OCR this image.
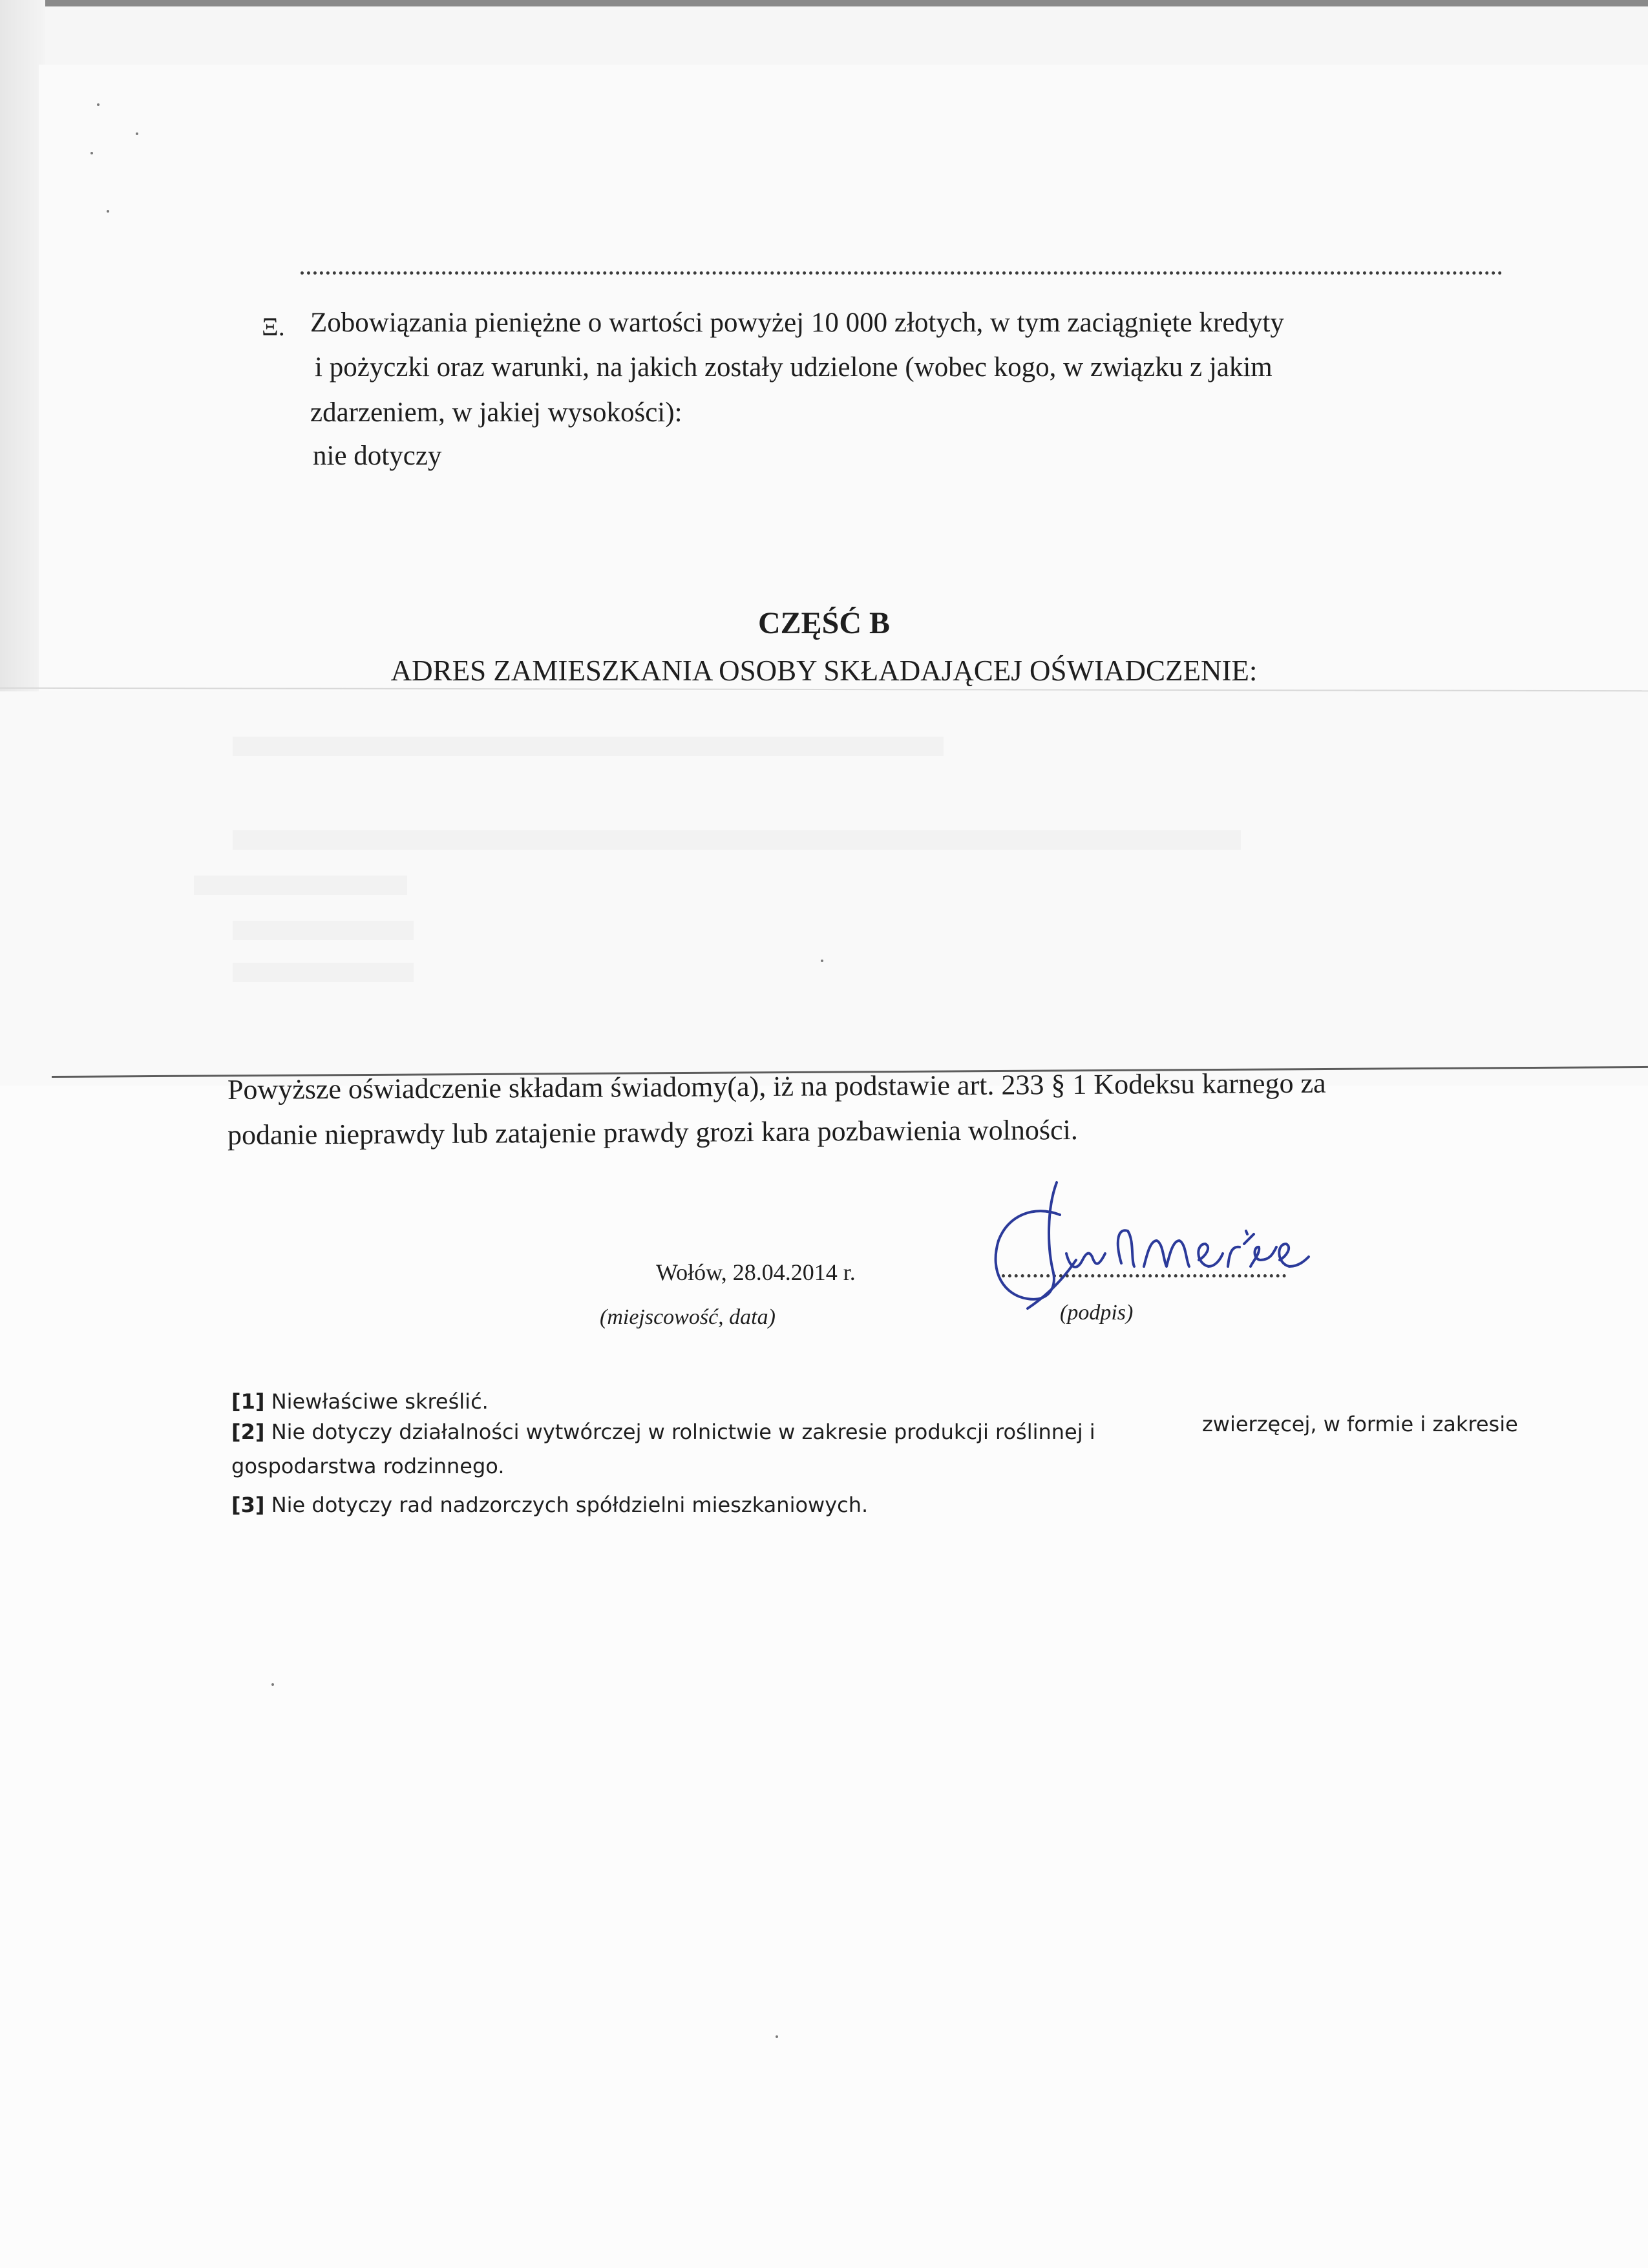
Ξ. Zobowiązania pieniężne o wartości powyżej 10 000 złotych, w tym zaciągnięte kredyty
i pożyczki oraz warunki, na jakich zostały udzielone (wobec kogo, w związku z jakim
zdarzeniem, w jakiej wysokości):
nie dotyczy
CZĘŚĆ B
ADRES ZAMIESZKANIA OSOBY SKŁADAJĄCEJ OŚWIADCZENIE:
Powyższe oświadczenie składam świadomy(a), iż na podstawie art. 233 § 1 Kodeksu karnego za
podanie nieprawdy lub zatajenie prawdy grozi kara pozbawienia wolności.
Wołów, 28.04.2014 r.
(miejscowość, data)	(podpis)
[1] Niewłaściwe skreślić.
[2] Nie dotyczy działalności wytwórczej w rolnictwie w zakresie produkcji roślinnej i	zwierzęcej, w formie i zakresie
gospodarstwa rodzinnego.
[3] Nie dotyczy rad nadzorczych spółdzielni mieszkaniowych.
